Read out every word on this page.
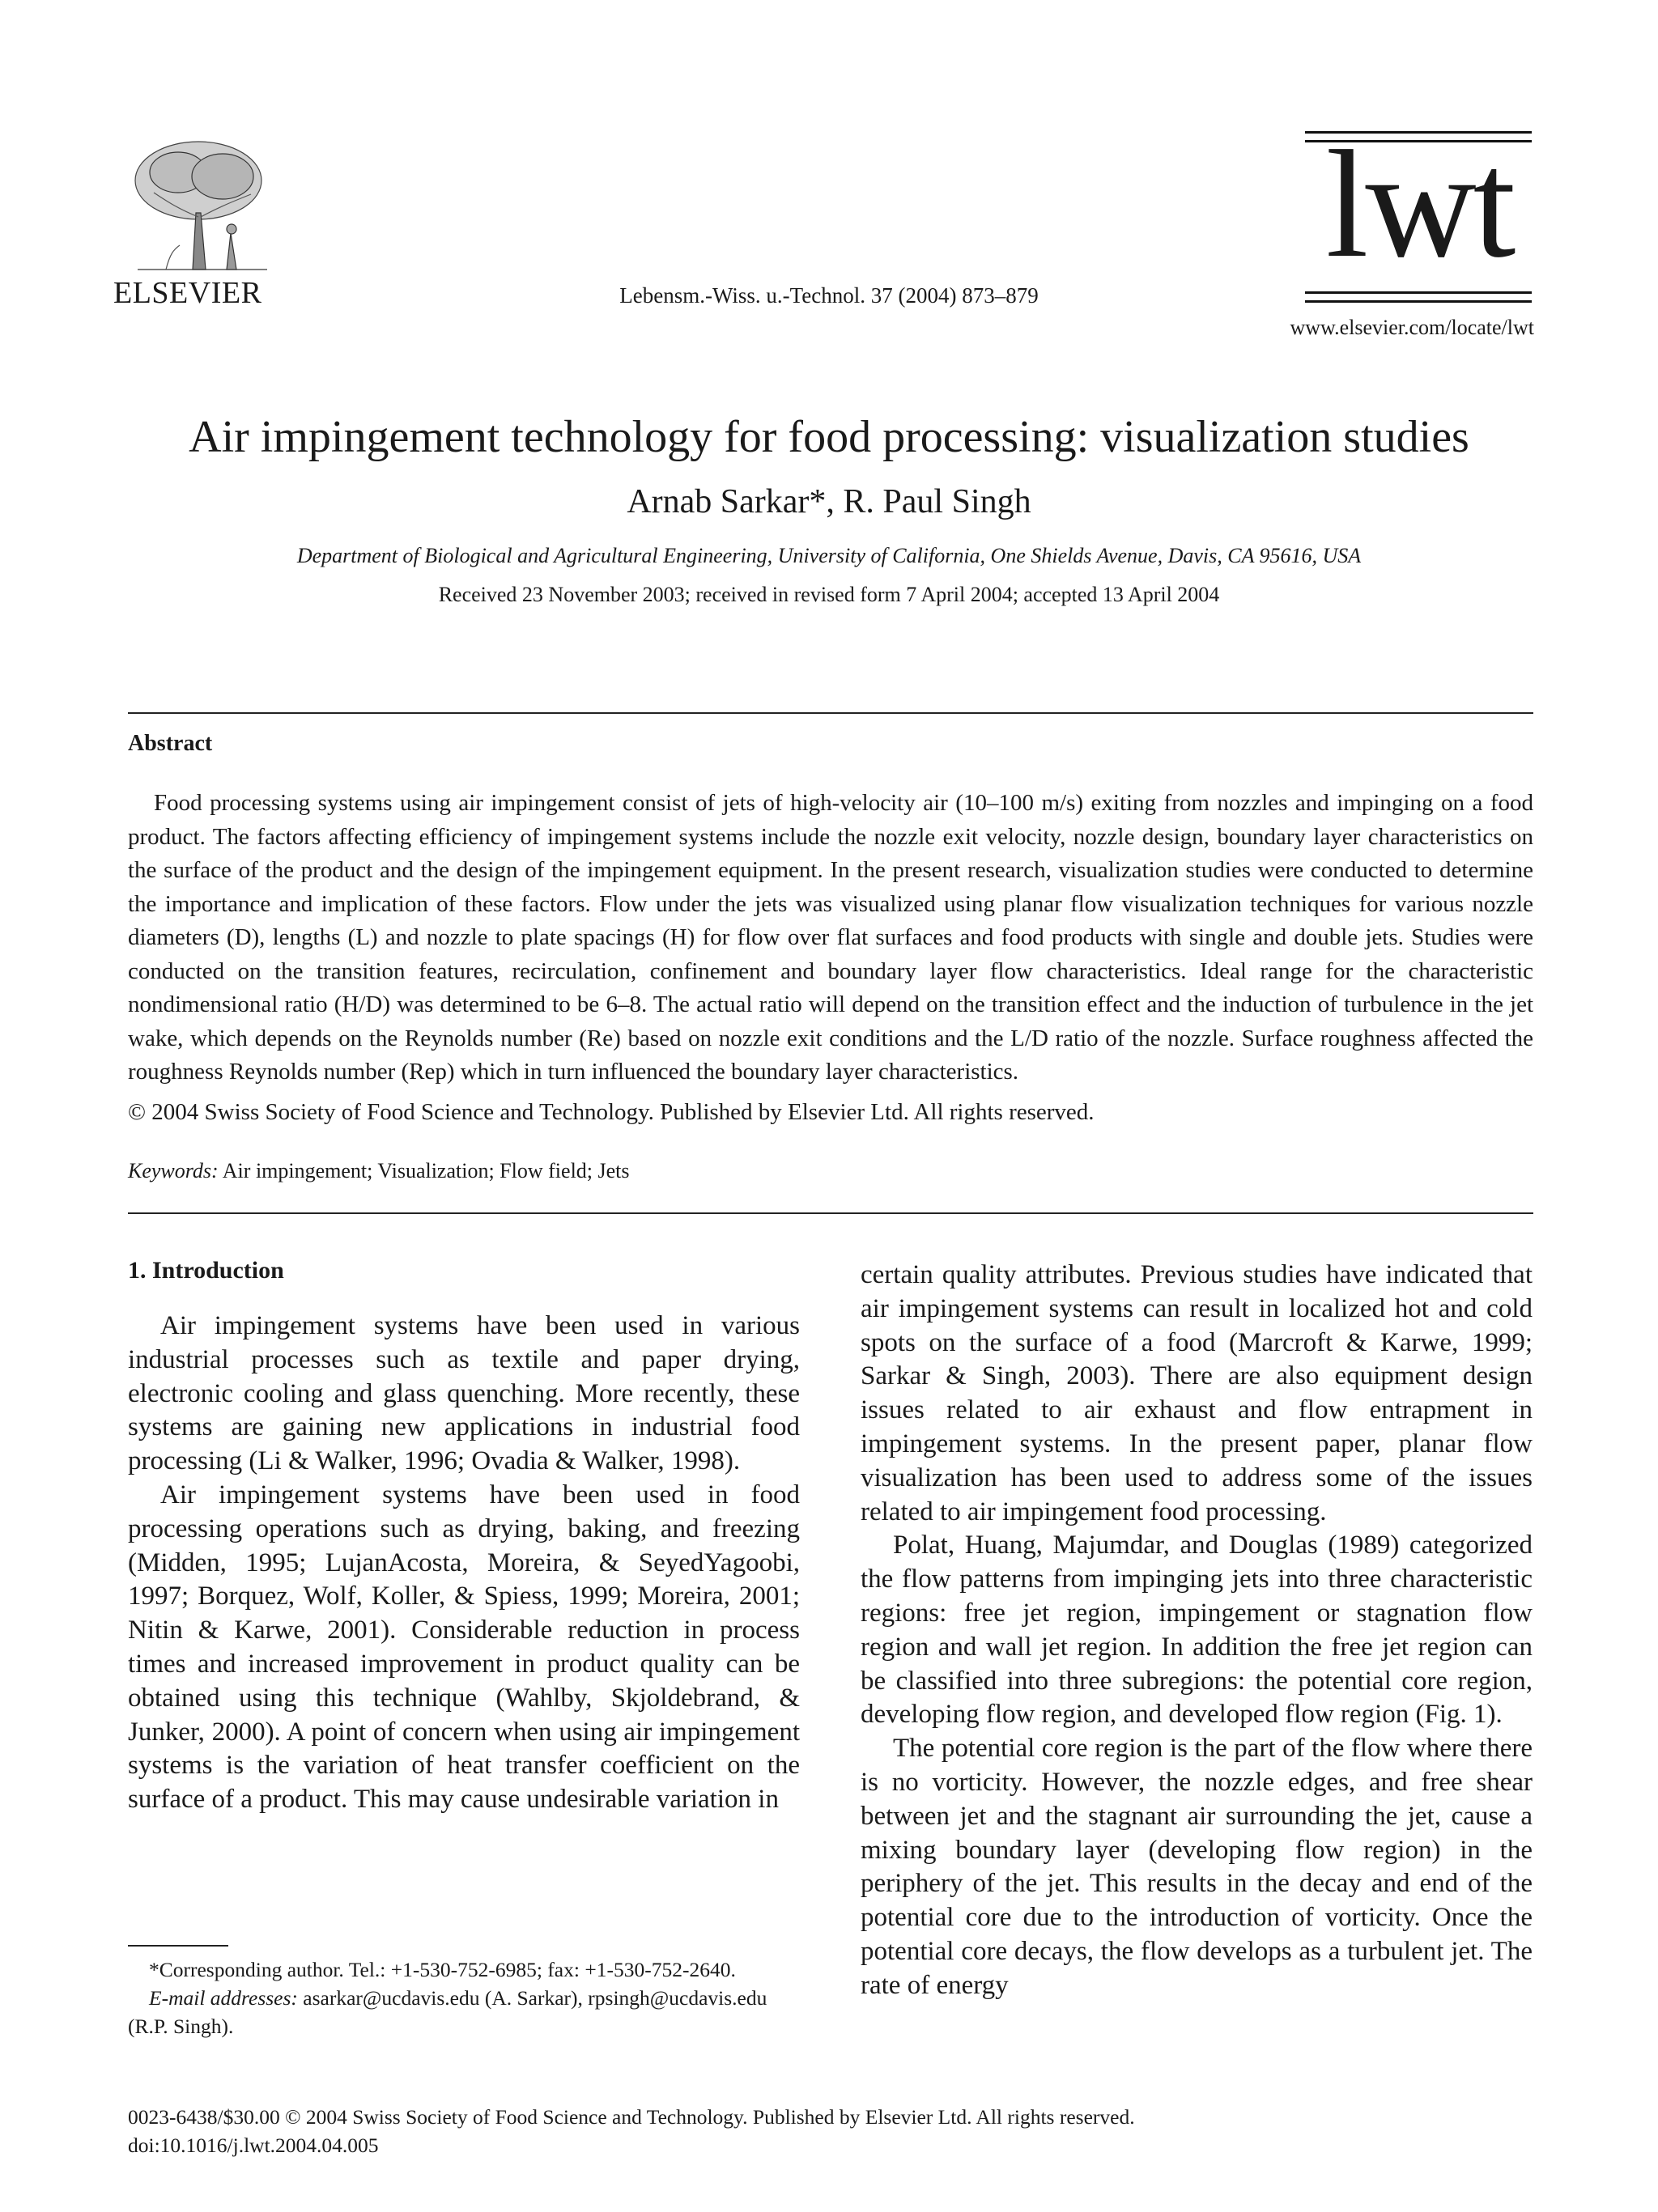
ELSEVIER	Lebensm.-Wiss. u.-Technol. 37 (2004) 873–879
lwt
www.elsevier.com/locate/lwt
Air impingement technology for food processing: visualization studies
Arnab Sarkar*, R. Paul Singh
Department of Biological and Agricultural Engineering, University of California, One Shields Avenue, Davis, CA 95616, USA
Received 23 November 2003; received in revised form 7 April 2004; accepted 13 April 2004
Abstract
Food processing systems using air impingement consist of jets of high-velocity air (10–100 m/s) exiting from nozzles and impinging on a food product. The factors affecting efficiency of impingement systems include the nozzle exit velocity, nozzle design, boundary layer characteristics on the surface of the product and the design of the impingement equipment. In the present research, visualization studies were conducted to determine the importance and implication of these factors. Flow under the jets was visualized using planar flow visualization techniques for various nozzle diameters (D), lengths (L) and nozzle to plate spacings (H) for flow over flat surfaces and food products with single and double jets. Studies were conducted on the transition features, recirculation, confinement and boundary layer flow characteristics. Ideal range for the characteristic nondimensional ratio (H/D) was determined to be 6–8. The actual ratio will depend on the transition effect and the induction of turbulence in the jet wake, which depends on the Reynolds number (Re) based on nozzle exit conditions and the L/D ratio of the nozzle. Surface roughness affected the roughness Reynolds number (Rep) which in turn influenced the boundary layer characteristics.
© 2004 Swiss Society of Food Science and Technology. Published by Elsevier Ltd. All rights reserved.
Keywords: Air impingement; Visualization; Flow field; Jets
1. Introduction

Air impingement systems have been used in various industrial processes such as textile and paper drying, electronic cooling and glass quenching. More recently, these systems are gaining new applications in industrial food processing (Li & Walker, 1996; Ovadia & Walker, 1998).

Air impingement systems have been used in food processing operations such as drying, baking, and freezing (Midden, 1995; LujanAcosta, Moreira, & SeyedYagoobi, 1997; Borquez, Wolf, Koller, & Spiess, 1999; Moreira, 2001; Nitin & Karwe, 2001). Considerable reduction in process times and increased improvement in product quality can be obtained using this technique (Wahlby, Skjoldebrand, & Junker, 2000). A point of concern when using air impingement systems is the variation of heat transfer coefficient on the surface of a product. This may cause undesirable variation in

certain quality attributes. Previous studies have indicated that air impingement systems can result in localized hot and cold spots on the surface of a food (Marcroft & Karwe, 1999; Sarkar & Singh, 2003). There are also equipment design issues related to air exhaust and flow entrapment in impingement systems. In the present paper, planar flow visualization has been used to address some of the issues related to air impingement food processing.

Polat, Huang, Majumdar, and Douglas (1989) categorized the flow patterns from impinging jets into three characteristic regions: free jet region, impingement or stagnation flow region and wall jet region. In addition the free jet region can be classified into three subregions: the potential core region, developing flow region, and developed flow region (Fig. 1).

The potential core region is the part of the flow where there is no vorticity. However, the nozzle edges, and free shear between jet and the stagnant air surrounding the jet, cause a mixing boundary layer (developing flow region) in the periphery of the jet. This results in the decay and end of the potential core due to the introduction of vorticity. Once the potential core decays, the flow develops as a turbulent jet. The rate of energy

*Corresponding author. Tel.: +1-530-752-6985; fax: +1-530-752-2640.

E-mail addresses: asarkar@ucdavis.edu (A. Sarkar), rpsingh@ucdavis.edu (R.P. Singh).

0023-6438/$30.00 © 2004 Swiss Society of Food Science and Technology. Published by Elsevier Ltd. All rights reserved.
doi:10.1016/j.lwt.2004.04.005
